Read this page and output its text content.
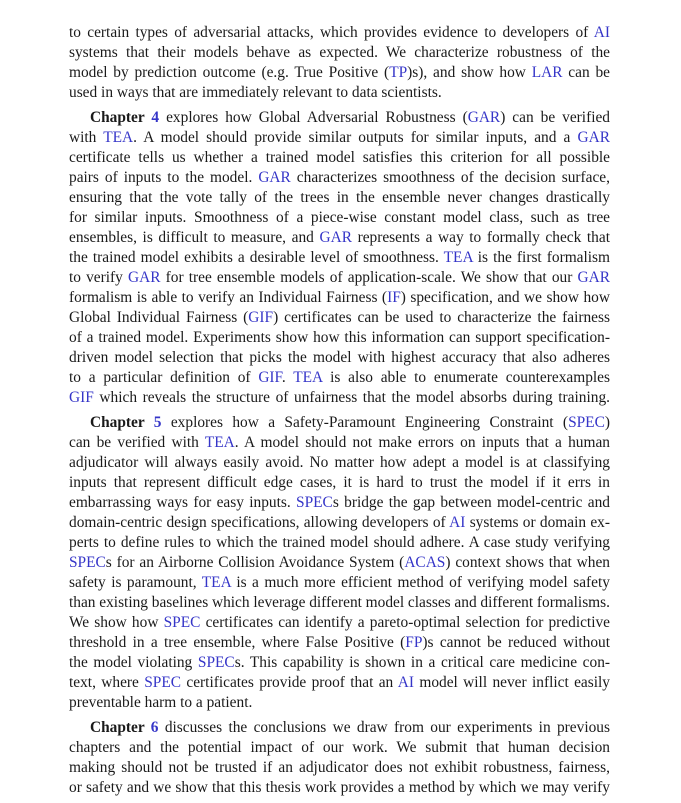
to certain types of adversarial attacks, which provides evidence to developers of AI
systems that their models behave as expected. We characterize robustness of the
model by prediction outcome (e.g. True Positive (TP)s), and show how LAR can be
used in ways that are immediately relevant to data scientists.
Chapter 4 explores how Global Adversarial Robustness (GAR) can be verified
with TEA. A model should provide similar outputs for similar inputs, and a GAR
certificate tells us whether a trained model satisfies this criterion for all possible
pairs of inputs to the model. GAR characterizes smoothness of the decision surface,
ensuring that the vote tally of the trees in the ensemble never changes drastically
for similar inputs. Smoothness of a piece-wise constant model class, such as tree
ensembles, is difficult to measure, and GAR represents a way to formally check that
the trained model exhibits a desirable level of smoothness. TEA is the first formalism
to verify GAR for tree ensemble models of application-scale. We show that our GAR
formalism is able to verify an Individual Fairness (IF) specification, and we show how
Global Individual Fairness (GIF) certificates can be used to characterize the fairness
of a trained model. Experiments show how this information can support specification-
driven model selection that picks the model with highest accuracy that also adheres
to a particular definition of GIF. TEA is also able to enumerate counterexamples
GIF which reveals the structure of unfairness that the model absorbs during training.
Chapter 5 explores how a Safety-Paramount Engineering Constraint (SPEC)
can be verified with TEA. A model should not make errors on inputs that a human
adjudicator will always easily avoid. No matter how adept a model is at classifying
inputs that represent difficult edge cases, it is hard to trust the model if it errs in
embarrassing ways for easy inputs. SPECs bridge the gap between model-centric and
domain-centric design specifications, allowing developers of AI systems or domain ex-
perts to define rules to which the trained model should adhere. A case study verifying
SPECs for an Airborne Collision Avoidance System (ACAS) context shows that when
safety is paramount, TEA is a much more efficient method of verifying model safety
than existing baselines which leverage different model classes and different formalisms.
We show how SPEC certificates can identify a pareto-optimal selection for predictive
threshold in a tree ensemble, where False Positive (FP)s cannot be reduced without
the model violating SPECs. This capability is shown in a critical care medicine con-
text, where SPEC certificates provide proof that an AI model will never inflict easily
preventable harm to a patient.
Chapter 6 discusses the conclusions we draw from our experiments in previous
chapters and the potential impact of our work. We submit that human decision
making should not be trusted if an adjudicator does not exhibit robustness, fairness,
or safety and we show that this thesis work provides a method by which we may verify
